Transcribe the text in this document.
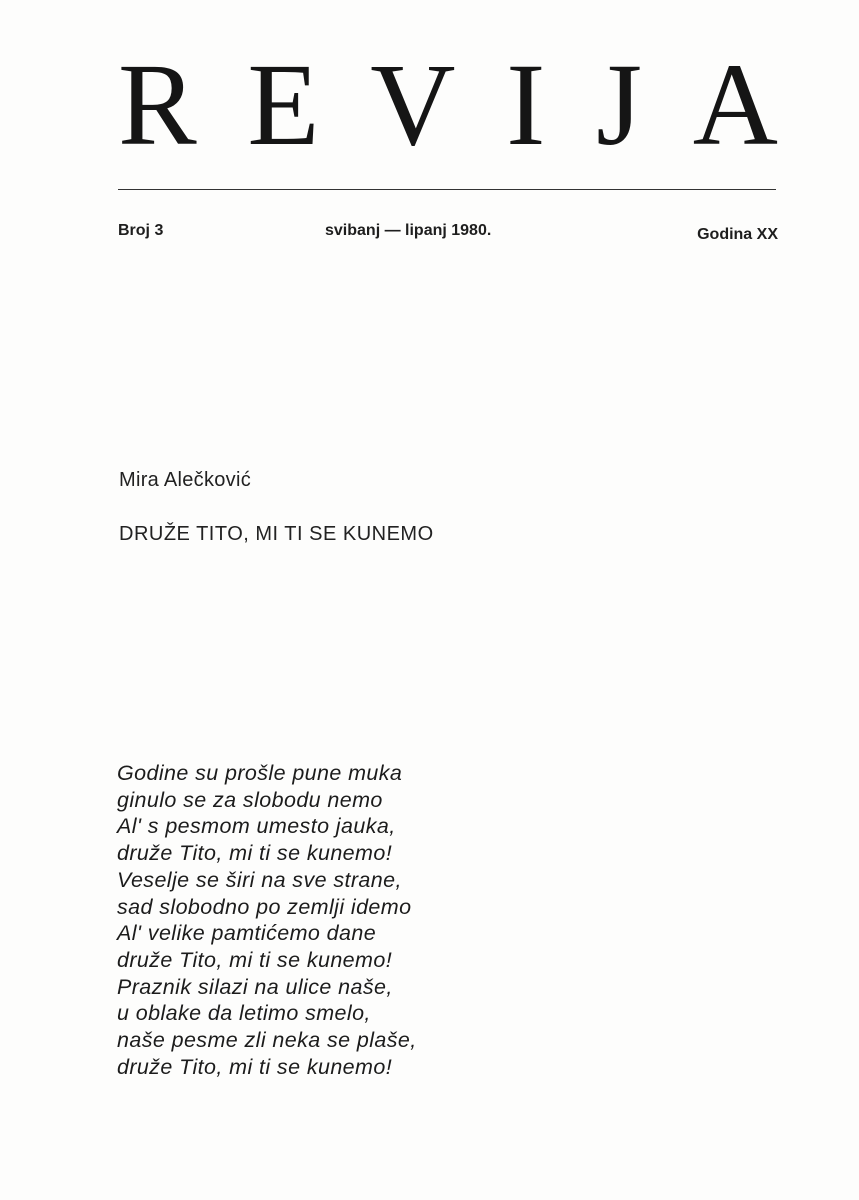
R E V I J A
Broj 3	svibanj — lipanj 1980.	Godina XX
Mira Alečković
DRUŽE TITO, MI TI SE KUNEMO
Godine su prošle pune muka
ginulo se za slobodu nemo
Al' s pesmom umesto jauka,
druže Tito, mi ti se kunemo!
Veselje se širi na sve strane,
sad slobodno po zemlji idemo
Al' velike pamtićemo dane
druže Tito, mi ti se kunemo!
Praznik silazi na ulice naše,
u oblake da letimo smelo,
naše pesme zli neka se plaše,
druže Tito, mi ti se kunemo!
